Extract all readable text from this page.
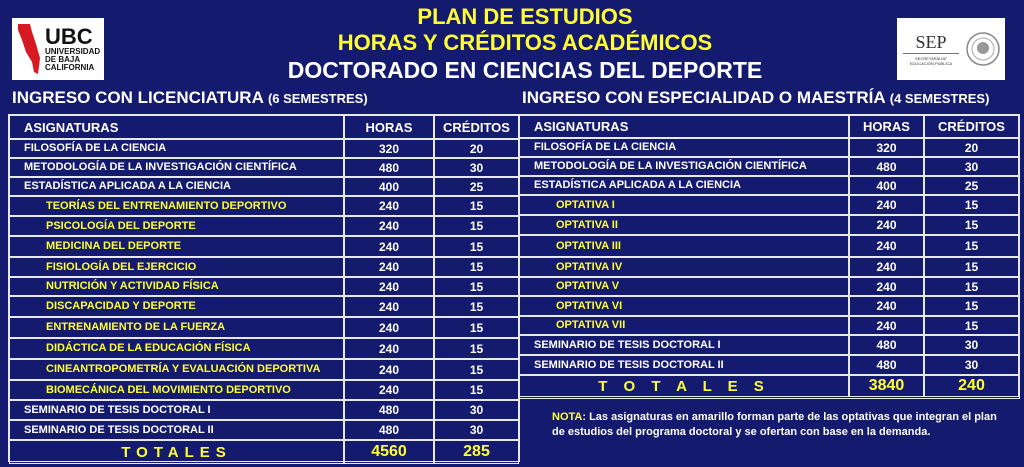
UBC
UNIVERSIDAD
DE BAJA
CALIFORNIA
SEP
SECRETARÍA DE
EDUCACIÓN PÚBLICA
PLAN DE ESTUDIOS
HORAS Y CRÉDITOS ACADÉMICOS
DOCTORADO EN CIENCIAS DEL DEPORTE
INGRESO CON LICENCIATURA (6 SEMESTRES)	INGRESO CON ESPECIALIDAD O MAESTRÍA (4 SEMESTRES)
ASIGNATURAS	HORAS	CRÉDITOS
FILOSOFÍA DE LA CIENCIA	320	20
METODOLOGÍA DE LA INVESTIGACIÓN CIENTÍFICA	480	30
ESTADÍSTICA APLICADA A LA CIENCIA	400	25
TEORÍAS DEL ENTRENAMIENTO DEPORTIVO	240	15
PSICOLOGÍA DEL DEPORTE	240	15
MEDICINA DEL DEPORTE	240	15
FISIOLOGÍA DEL EJERCICIO	240	15
NUTRICIÓN Y ACTIVIDAD FÍSICA	240	15
DISCAPACIDAD Y DEPORTE	240	15
ENTRENAMIENTO DE LA FUERZA	240	15
DIDÁCTICA DE LA EDUCACIÓN FÍSICA	240	15
CINEANTROPOMETRÍA Y EVALUACIÓN DEPORTIVA	240	15
BIOMECÁNICA DEL MOVIMIENTO DEPORTIVO	240	15
SEMINARIO DE TESIS DOCTORAL I	480	30
SEMINARIO DE TESIS DOCTORAL II	480	30
TOTALES	4560	285
ASIGNATURAS	HORAS	CRÉDITOS
FILOSOFÍA DE LA CIENCIA	320	20
METODOLOGÍA DE LA INVESTIGACIÓN CIENTÍFICA	480	30
ESTADÍSTICA APLICADA A LA CIENCIA	400	25
OPTATIVA I	240	15
OPTATIVA II	240	15
OPTATIVA III	240	15
OPTATIVA IV	240	15
OPTATIVA V	240	15
OPTATIVA VI	240	15
OPTATIVA VII	240	15
SEMINARIO DE TESIS DOCTORAL I	480	30
SEMINARIO DE TESIS DOCTORAL II	480	30
T O T A L E S	3840	240
NOTA: Las asignaturas en amarillo forman parte de las optativas que integran el plan de estudios del programa doctoral y se ofertan con base en la demanda.
